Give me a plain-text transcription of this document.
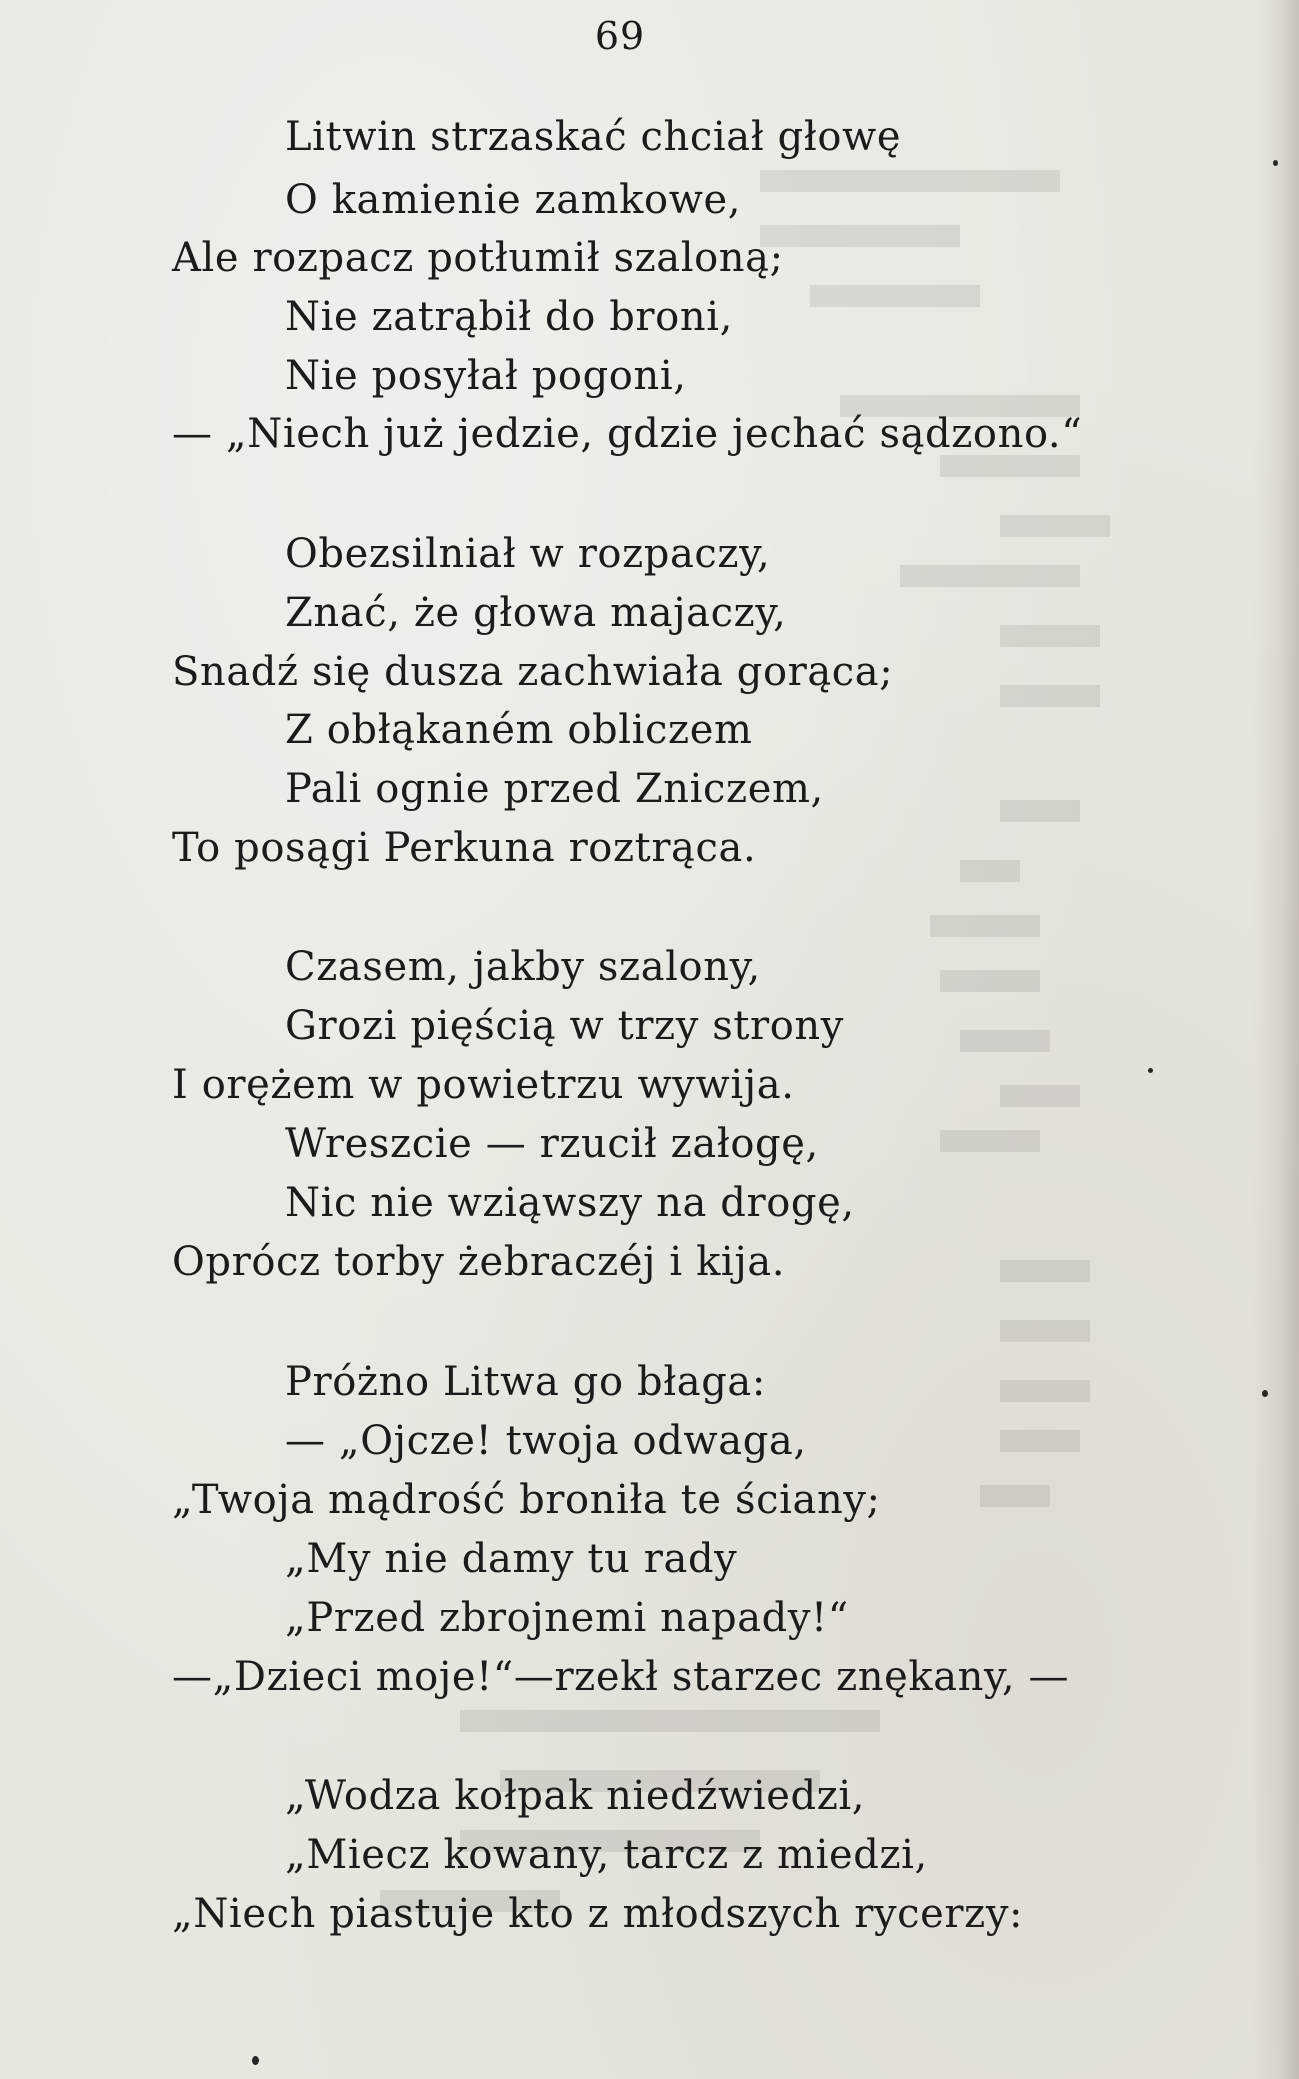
69
Litwin strzaskać chciał głowę
O kamienie zamkowe,
Ale rozpacz potłumił szaloną;
Nie zatrąbił do broni,
Nie posyłał pogoni,
— „Niech już jedzie, gdzie jechać sądzono.“
Obezsilniał w rozpaczy,
Znać, że głowa majaczy,
Snadź się dusza zachwiała gorąca;
Z obłąkaném obliczem
Pali ognie przed Zniczem,
To posągi Perkuna roztrąca.
Czasem, jakby szalony,
Grozi pięścią w trzy strony
I orężem w powietrzu wywija.
Wreszcie — rzucił załogę,
Nic nie wziąwszy na drogę,
Oprócz torby żebraczéj i kija.
Próżno Litwa go błaga:
— „Ojcze! twoja odwaga,
„Twoja mądrość broniła te ściany;
„My nie damy tu rady
„Przed zbrojnemi napady!“
—„Dzieci moje!“—rzekł starzec znękany, —
„Wodza kołpak niedźwiedzi,
„Miecz kowany, tarcz z miedzi,
„Niech piastuje kto z młodszych rycerzy:
